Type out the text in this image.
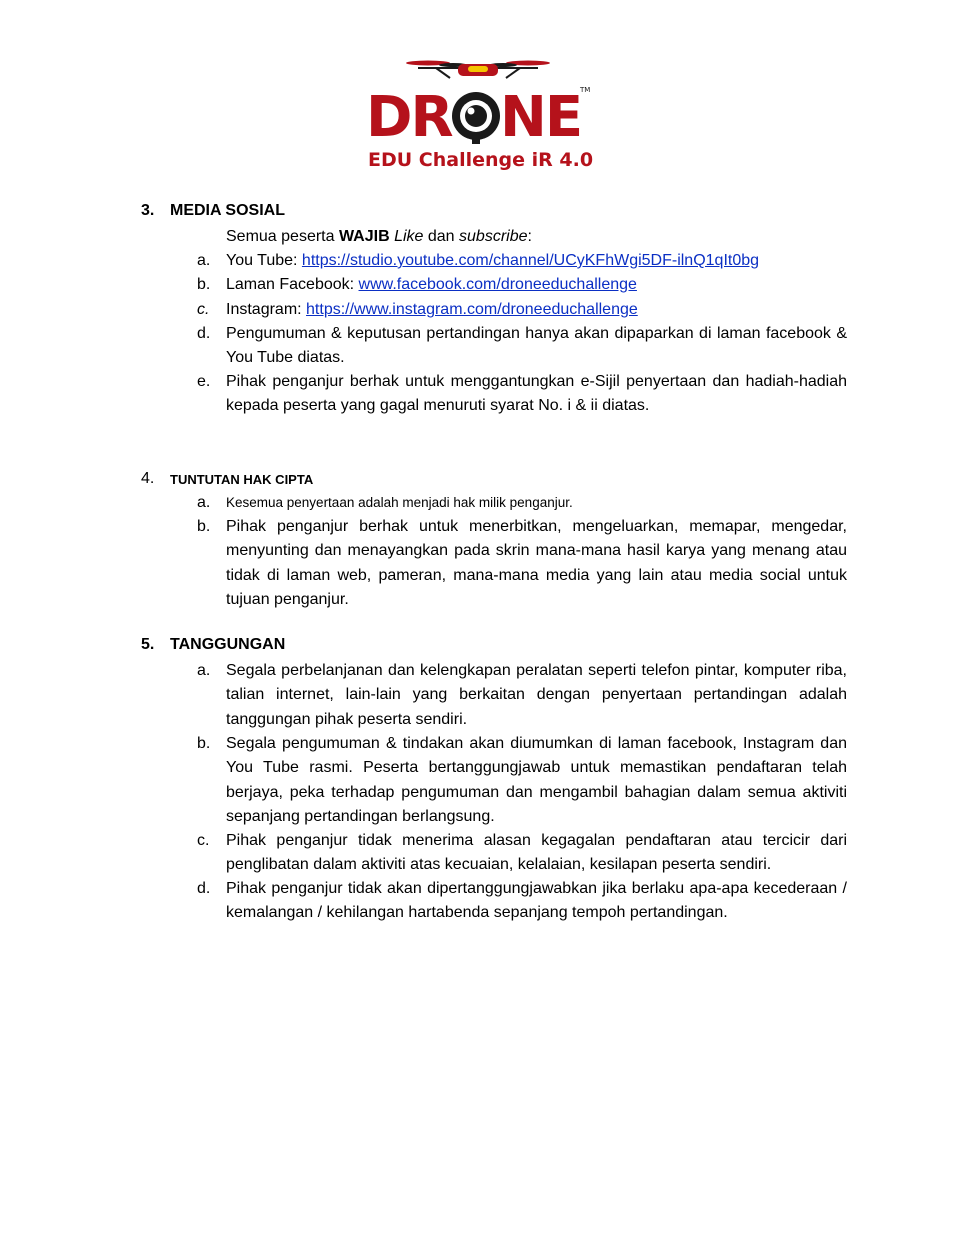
DR NE
TM
EDU Challenge iR 4.0
3. MEDIA SOSIAL
Semua peserta WAJIB Like dan subscribe:
a. You Tube: https://studio.youtube.com/channel/UCyKFhWgi5DF-ilnQ1qIt0bg
b. Laman Facebook: www.facebook.com/droneeduchallenge
c. Instagram: https://www.instagram.com/droneeduchallenge
d. Pengumuman & keputusan pertandingan hanya akan dipaparkan di laman facebook & You Tube diatas.
e. Pihak penganjur berhak untuk menggantungkan e-Sijil penyertaan dan hadiah-hadiah kepada peserta yang gagal menuruti syarat No. i & ii diatas.
4. TUNTUTAN HAK CIPTA
a. Kesemua penyertaan adalah menjadi hak milik penganjur.
b. Pihak penganjur berhak untuk menerbitkan, mengeluarkan, memapar, mengedar, menyunting dan menayangkan pada skrin mana-mana hasil karya yang menang atau tidak di laman web, pameran, mana-mana media yang lain atau media social untuk tujuan penganjur.
5. TANGGUNGAN
a. Segala perbelanjanan dan kelengkapan peralatan seperti telefon pintar, komputer riba, talian internet, lain-lain yang berkaitan dengan penyertaan pertandingan adalah tanggungan pihak peserta sendiri.
b. Segala pengumuman & tindakan akan diumumkan di laman facebook, Instagram dan You Tube rasmi. Peserta bertanggungjawab untuk memastikan pendaftaran telah berjaya, peka terhadap pengumuman dan mengambil bahagian dalam semua aktiviti sepanjang pertandingan berlangsung.
c. Pihak penganjur tidak menerima alasan kegagalan pendaftaran atau tercicir dari penglibatan dalam aktiviti atas kecuaian, kelalaian, kesilapan peserta sendiri.
d. Pihak penganjur tidak akan dipertanggungjawabkan jika berlaku apa-apa kecederaan / kemalangan / kehilangan hartabenda sepanjang tempoh pertandingan.
